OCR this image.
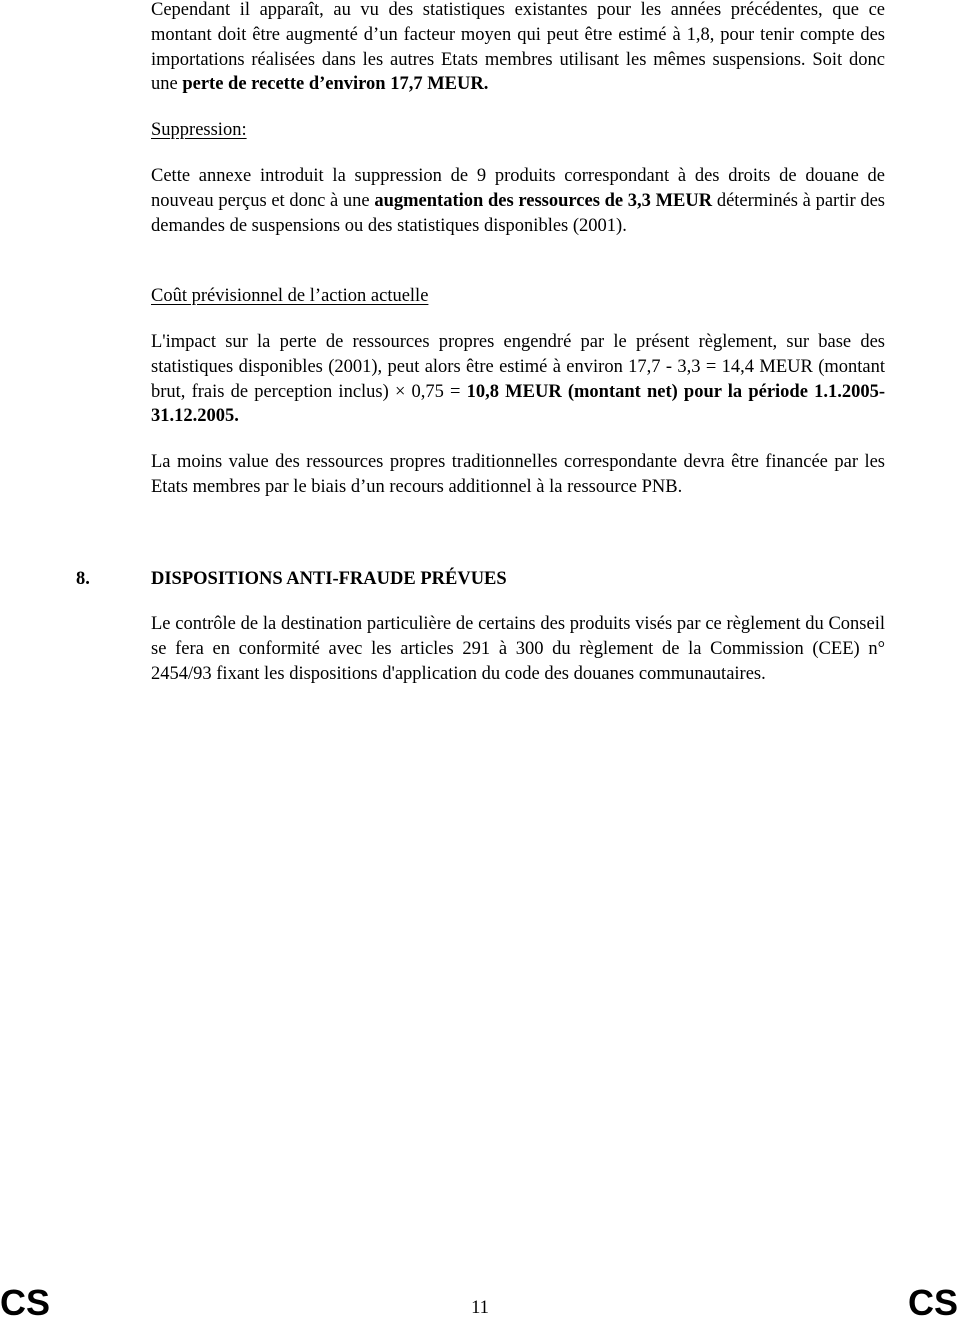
Cependant il apparaît, au vu des statistiques existantes pour les années précédentes, que ce montant doit être augmenté d’un facteur moyen qui peut être estimé à 1,8, pour tenir compte des importations réalisées dans les autres Etats membres utilisant les mêmes suspensions. Soit donc une perte de recette d’environ 17,7 MEUR.

Suppression:

Cette annexe introduit la suppression de 9 produits correspondant à des droits de douane de nouveau perçus et donc à une augmentation des ressources de 3,3 MEUR déterminés à partir des demandes de suspensions ou des statistiques disponibles (2001).

Coût prévisionnel de l’action actuelle

L'impact sur la perte de ressources propres engendré par le présent règlement, sur base des statistiques disponibles (2001), peut alors être estimé à environ 17,7 - 3,3 = 14,4 MEUR (montant brut, frais de perception inclus) × 0,75 = 10,8 MEUR (montant net) pour la période 1.1.2005-31.12.2005.

La moins value des ressources propres traditionnelles correspondante devra être financée par les Etats membres par le biais d’un recours additionnel à la ressource PNB.

8.	DISPOSITIONS ANTI-FRAUDE PRÉVUES

Le contrôle de la destination particulière de certains des produits visés par ce règlement du Conseil se fera en conformité avec les articles 291 à 300 du règlement de la Commission (CEE) n° 2454/93 fixant les dispositions d'application du code des douanes communautaires.

CS	11	CS
